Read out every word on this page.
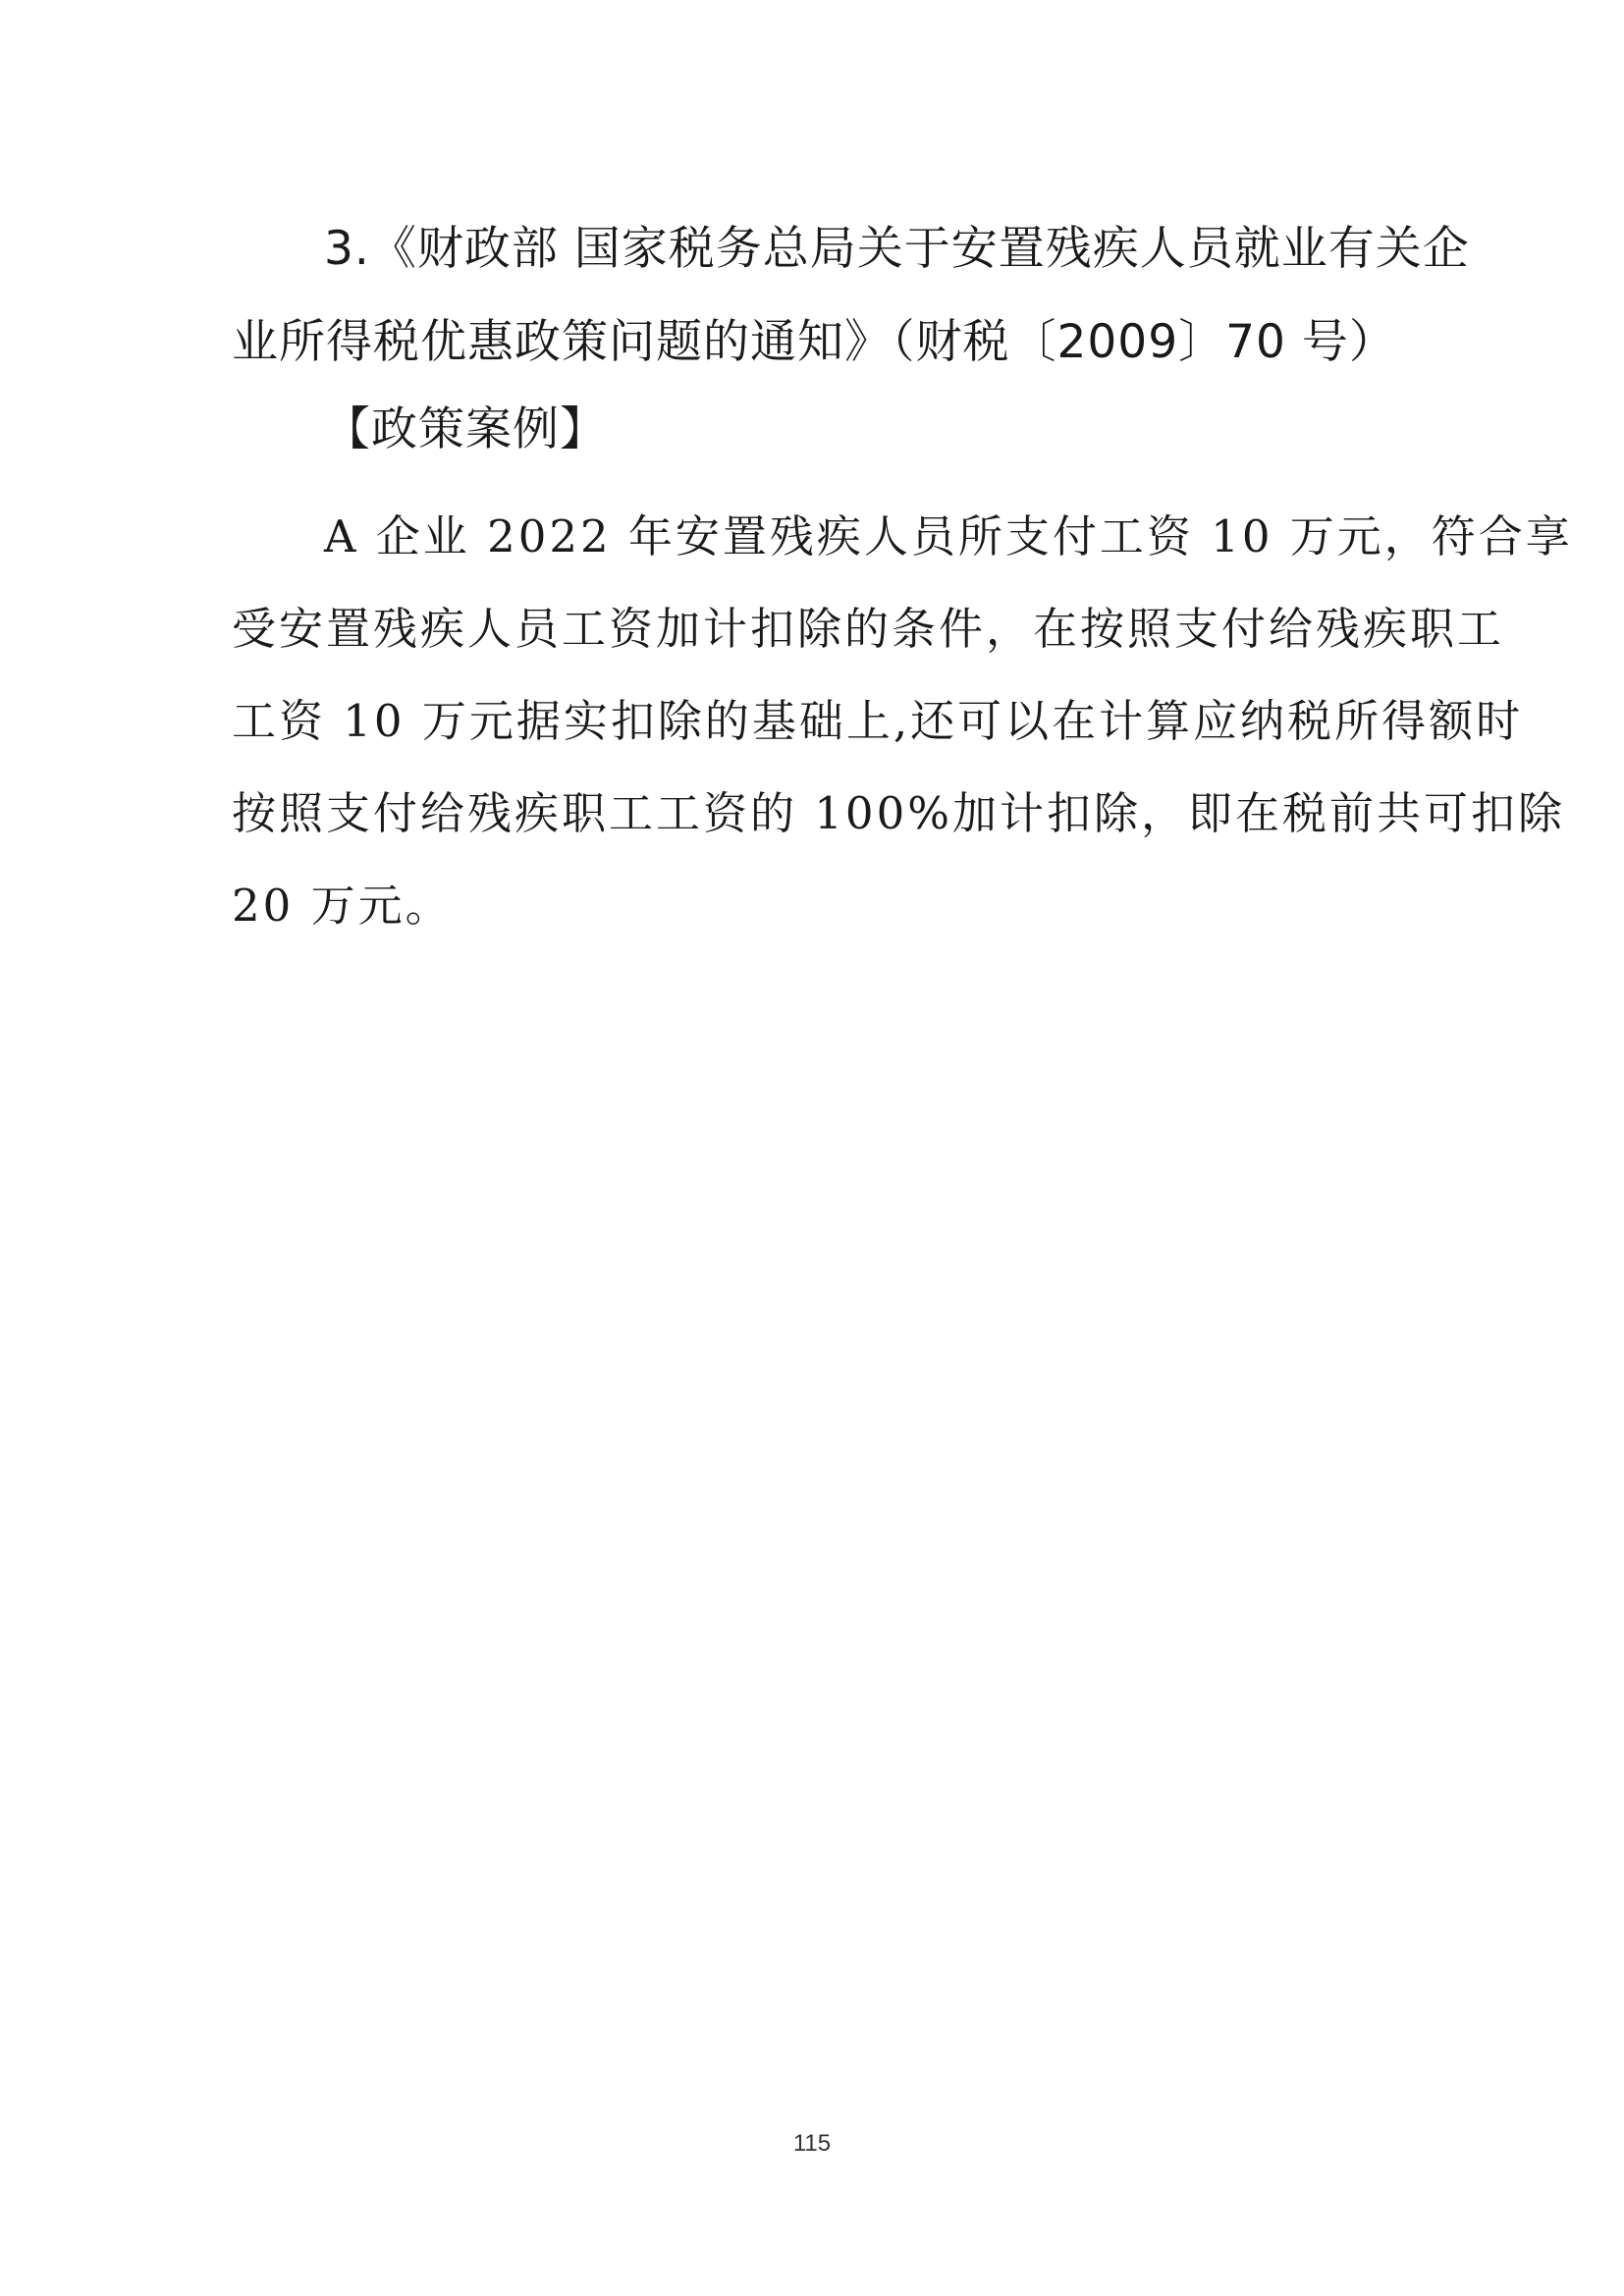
3.《财政部 国家税务总局关于安置残疾人员就业有关企
业所得税优惠政策问题的通知》（财税〔2009〕70 号）
【政策案例】
A 企业 2022 年安置残疾人员所支付工资 10 万元，符合享
受安置残疾人员工资加计扣除的条件，在按照支付给残疾职工
工资 10 万元据实扣除的基础上,还可以在计算应纳税所得额时
按照支付给残疾职工工资的 100%加计扣除，即在税前共可扣除
20 万元。
115
